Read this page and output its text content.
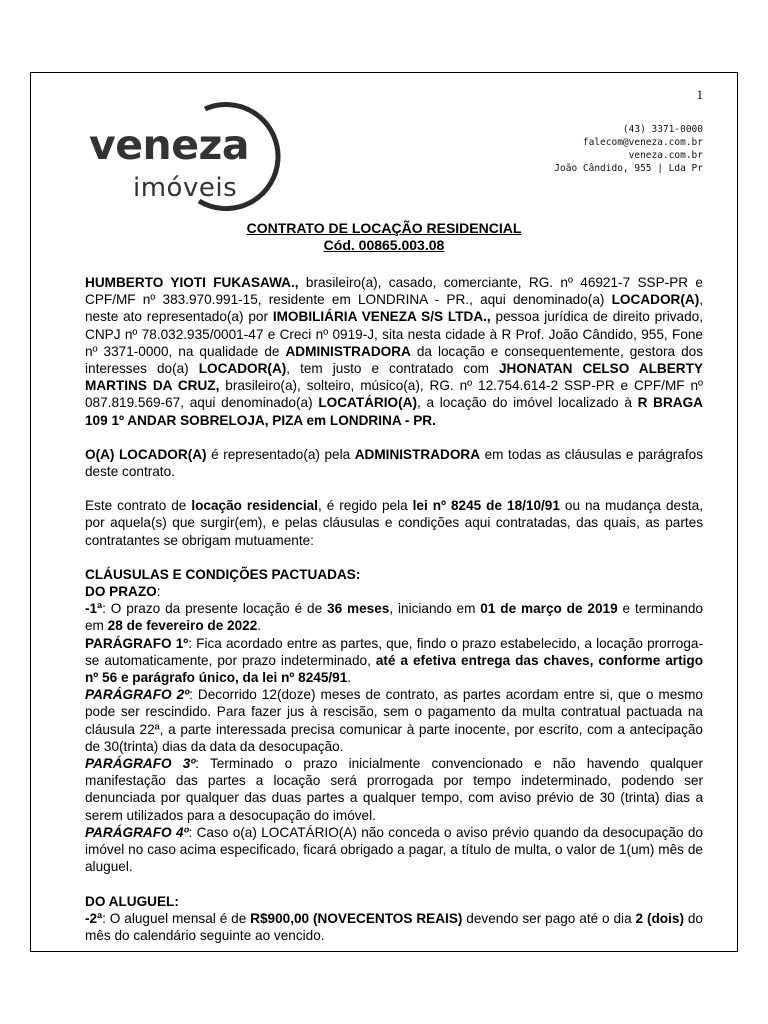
1
veneza
imóveis
(43) 3371-0000
falecom@veneza.com.br
veneza.com.br
João Cândido, 955 | Lda Pr
CONTRATO DE LOCAÇÃO RESIDENCIAL
Cód. 00865.003.08

HUMBERTO YIOTI FUKASAWA., brasileiro(a), casado, comerciante, RG. nº 46921-7 SSP-PR e CPF/MF nº 383.970.991-15, residente em LONDRINA - PR., aqui denominado(a) LOCADOR(A), neste ato representado(a) por IMOBILIÁRIA VENEZA S/S LTDA., pessoa jurídica de direito privado, CNPJ nº 78.032.935/0001-47 e Creci nº 0919-J, sita nesta cidade à R Prof. João Cândido, 955, Fone nº 3371-0000, na qualidade de ADMINISTRADORA da locação e consequentemente, gestora dos interesses do(a) LOCADOR(A), tem justo e contratado com JHONATAN CELSO ALBERTY MARTINS DA CRUZ, brasileiro(a), solteiro, músico(a), RG. nº 12.754.614-2 SSP-PR e CPF/MF nº 087.819.569-67, aqui denominado(a) LOCATÁRIO(A), a locação do imóvel localizado à R BRAGA 109 1º ANDAR SOBRELOJA, PIZA em LONDRINA - PR.

O(A) LOCADOR(A) é representado(a) pela ADMINISTRADORA em todas as cláusulas e parágrafos deste contrato.

Este contrato de locação residencial, é regido pela lei nº 8245 de 18/10/91 ou na mudança desta, por aquela(s) que surgir(em), e pelas cláusulas e condições aqui contratadas, das quais, as partes contratantes se obrigam mutuamente:

CLÁUSULAS E CONDIÇÕES PACTUADAS:

DO PRAZO:

-1ª: O prazo da presente locação é de 36 meses, iniciando em 01 de março de 2019 e terminando em 28 de fevereiro de 2022.

PARÁGRAFO 1º: Fica acordado entre as partes, que, findo o prazo estabelecido, a locação prorroga-se automaticamente, por prazo indeterminado, até a efetiva entrega das chaves, conforme artigo nº 56 e parágrafo único, da lei nº 8245/91.

PARÁGRAFO 2º: Decorrido 12(doze) meses de contrato, as partes acordam entre si, que o mesmo pode ser rescindido. Para fazer jus à rescisão, sem o pagamento da multa contratual pactuada na cláusula 22ª, a parte interessada precisa comunicar à parte inocente, por escrito, com a antecipação de 30(trinta) dias da data da desocupação.

PARÁGRAFO 3º: Terminado o prazo inicialmente convencionado e não havendo qualquer manifestação das partes a locação será prorrogada por tempo indeterminado, podendo ser denunciada por qualquer das duas partes a qualquer tempo, com aviso prévio de 30 (trinta) dias a serem utilizados para a desocupação do imóvel.

PARÁGRAFO 4º: Caso o(a) LOCATÁRIO(A) não conceda o aviso prévio quando da desocupação do imóvel no caso acima especificado, ficará obrigado a pagar, a título de multa, o valor de 1(um) mês de aluguel.

DO ALUGUEL:

-2ª: O aluguel mensal é de R$900,00 (NOVECENTOS REAIS) devendo ser pago até o dia 2 (dois) do mês do calendário seguinte ao vencido.
